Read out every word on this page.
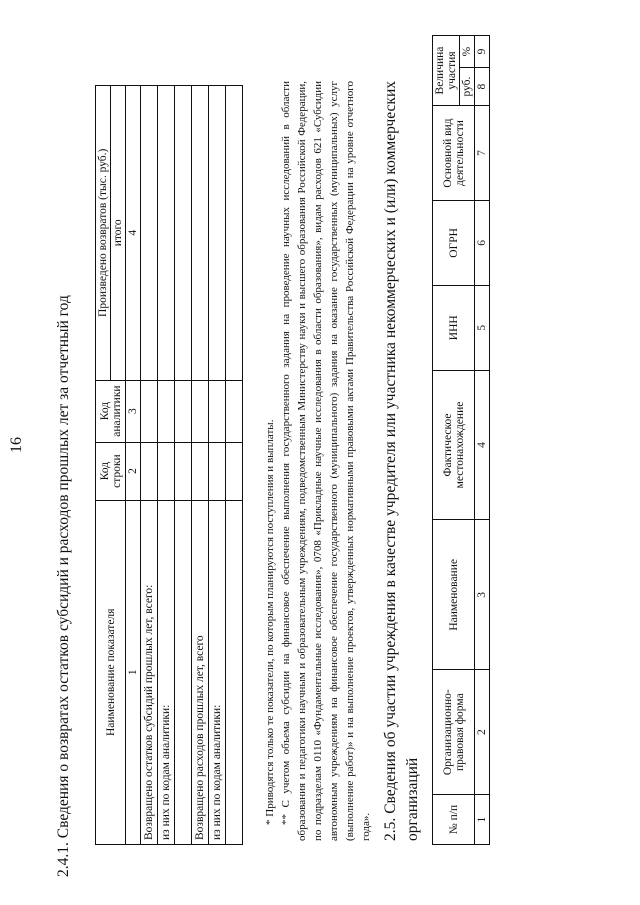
16 2.4.1. Сведения о возвратах остатков субсидий и расходов прошлых лет за отчетный год	Наименование показателя	Код строки	Код аналитики	Произведено возвратов (тыс. руб.)
			итого
1	2	3	4
Возвращено остатков субсидий прошлых лет, всего:			
из них по кодам аналитики:			

Возвращено расходов прошлых лет, всего			
из них по кодам аналитики:			
				* Приводятся только те показатели, по которым планируются поступления и выплаты. ** С учетом объема субсидии на финансовое обеспечение выполнения государственного задания на проведение научных исследований в области образования и педагогики научным и образовательным учреждениям, подведомственным Министерству науки и высшего образования Российской Федерации, по подразделам 0110 «Фундаментальные исследования», 0708 «Прикладные научные исследования в области образования», видам расходов 621 «Субсидии автономным учреждениям на финансовое обеспечение государственного (муниципального) задания на оказание государственных (муниципальных) услуг (выполнение работ)» и на выполнение проектов, утвержденных нормативными правовыми актами Правительства Российской Федерации на уровне отчетного года». 2.5. Сведения об участии учреждения в качестве учредителя или участника некоммерческих и (или) коммерческих организаций № п/п	Организационно-правовая форма	Наименование	Фактическое местонахождение	ИНН	ОГРН	Основной вид деятельности	Величина участия	
							руб.	%
1	2	3	4	5	6	7	8	9
